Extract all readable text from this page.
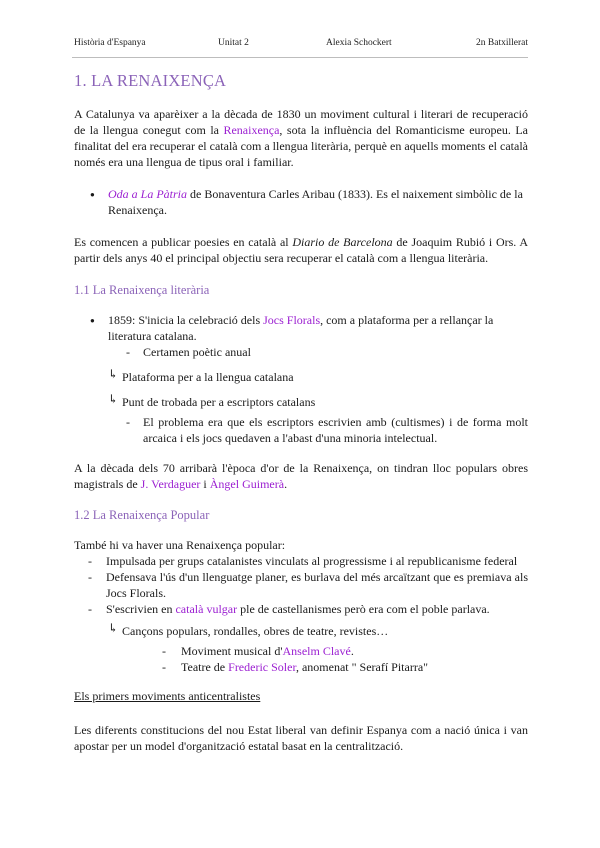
Història d'Espanya	Unitat 2	Alexia Schockert	2n Batxillerat
1. LA RENAIXENÇA

A Catalunya va aparèixer a la dècada de 1830 un moviment cultural i literari de recuperació de la llengua conegut com la Renaixença, sota la influència del Romanticisme europeu. La finalitat del era recuperar el català com a llengua literària, perquè en aquells moments el català només era una llengua de tipus oral i familiar.

● Oda a La Pàtria de Bonaventura Carles Aribau (1833). Es el naixement simbòlic de la Renaixença.

Es comencen a publicar poesies en català al Diario de Barcelona de Joaquim Rubió i Ors. A partir dels anys 40 el principal objectiu sera recuperar el català com a llengua literària.

1.1 La Renaixença literària
● 1859: S'inicia la celebració dels Jocs Florals, com a plataforma per a rellançar la literatura catalana.
- Certamen poètic anual
↳ Plataforma per a la llengua catalana
↳ Punt de trobada per a escriptors catalans
- El problema era que els escriptors escrivien amb (cultismes) i de forma molt arcaica i els jocs quedaven a l'abast d'una minoria intelectual.

A la dècada dels 70 arribarà l'època d'or de la Renaixença, on tindran lloc populars obres magistrals de J. Verdaguer i Àngel Guimerà.

1.2 La Renaixença Popular

També hi va haver una Renaixença popular:

- Impulsada per grups catalanistes vinculats al progressisme i al republicanisme federal
- Defensava l'ús d'un llenguatge planer, es burlava del més arcaïtzant que es premiava als Jocs Florals.
- S'escrivien en català vulgar ple de castellanismes però era com el poble parlava.
↳ Cançons populars, rondalles, obres de teatre, revistes…
- Moviment musical d'Anselm Clavé.
- Teatre de Frederic Soler, anomenat " Serafí Pitarra"

Els primers moviments anticentralistes

Les diferents constitucions del nou Estat liberal van definir Espanya com a nació única i van apostar per un model d'organització estatal basat en la centralització.
